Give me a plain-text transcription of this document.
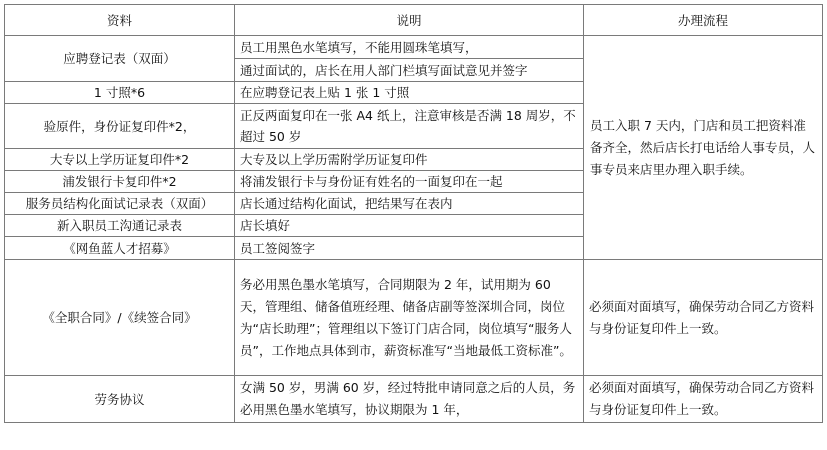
资料	说明	办理流程
应聘登记表（双面）	员工用黑色水笔填写，不能用圆珠笔填写，	员工入职 7 天内，门店和员工把资料准备齐全，然后店长打电话给人事专员，人事专员来店里办理入职手续。
	通过面试的，店长在用人部门栏填写面试意见并签字	
1 寸照*6	在应聘登记表上贴 1 张 1 寸照	
验原件，身份证复印件*2，	正反两面复印在一张 A4 纸上，注意审核是否满 18 周岁，不超过 50 岁	
大专以上学历证复印件*2	大专及以上学历需附学历证复印件	
浦发银行卡复印件*2	将浦发银行卡与身份证有姓名的一面复印在一起	
服务员结构化面试记录表（双面）	店长通过结构化面试，把结果写在表内	
新入职员工沟通记录表	店长填好	
《网鱼蓝人才招募》	员工签阅签字	
《全职合同》/《续签合同》	务必用黑色墨水笔填写，合同期限为 2 年，试用期为 60 天，管理组、储备值班经理、储备店副等签深圳合同，岗位为“店长助理”；管理组以下签订门店合同，岗位填写“服务人员”，工作地点具体到市，薪资标准写“当地最低工资标准”。	必须面对面填写，确保劳动合同乙方资料与身份证复印件上一致。
劳务协议	女满 50 岁，男满 60 岁，经过特批申请同意之后的人员，务必用黑色墨水笔填写，协议期限为 1 年，	必须面对面填写，确保劳动合同乙方资料与身份证复印件上一致。
